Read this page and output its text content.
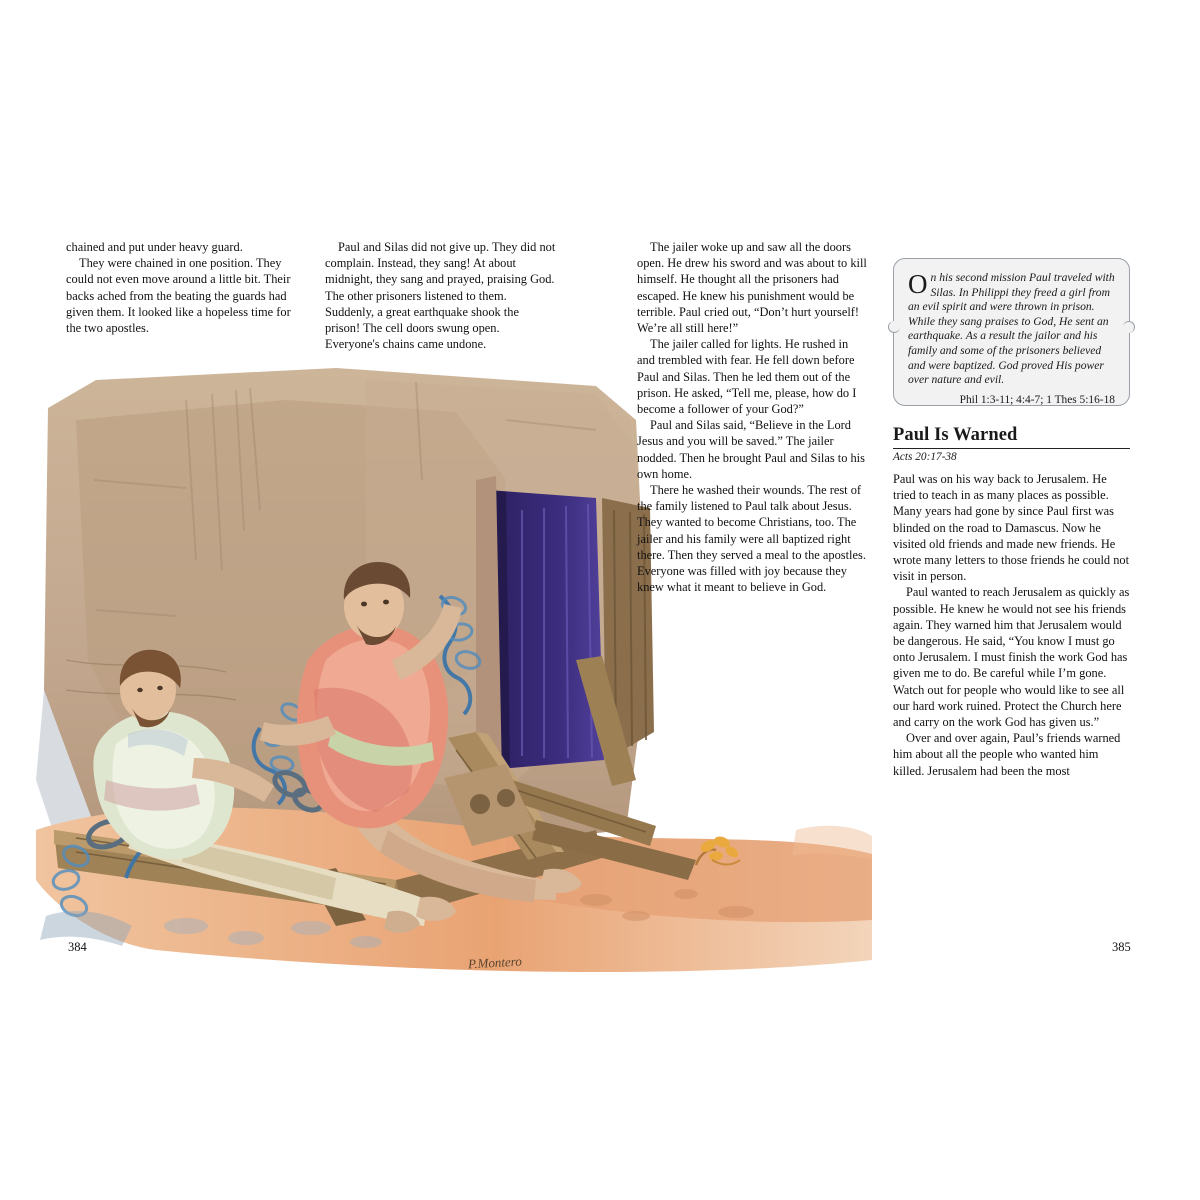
P.Montero

chained and put under heavy guard.

They were chained in one position. They could not even move around a little bit. Their backs ached from the beating the guards had given them. It looked like a hopeless time for the two apostles.

Paul and Silas did not give up. They did not complain. Instead, they sang! At about midnight, they sang and prayed, praising God. The other prisoners listened to them. Suddenly, a great earthquake shook the prison! The cell doors swung open. Everyone's chains came undone.

The jailer woke up and saw all the doors open. He drew his sword and was about to kill himself. He thought all the prisoners had escaped. He knew his punishment would be terrible. Paul cried out, “Don’t hurt yourself! We’re all still here!”

The jailer called for lights. He rushed in and trembled with fear. He fell down before Paul and Silas. Then he led them out of the prison. He asked, “Tell me, please, how do I become a follower of your God?”

Paul and Silas said, “Believe in the Lord Jesus and you will be saved.” The jailer nodded. Then he brought Paul and Silas to his own home.

There he washed their wounds. The rest of the family listened to Paul talk about Jesus. They wanted to become Christians, too. The jailer and his family were all baptized right there. Then they served a meal to the apostles. Everyone was filled with joy because they knew what it meant to believe in God.

O n his second mission Paul traveled with Silas. In Philippi they freed a girl from an evil spirit and were thrown in prison. While they sang praises to God, He sent an earthquake. As a result the jailor and his family and some of the prisoners believed and were baptized. God proved His power over nature and evil.
Phil 1:3-11; 4:4-7; 1 Thes 5:16-18
Paul Is Warned
Acts 20:17-38

Paul was on his way back to Jerusalem. He tried to teach in as many places as possible. Many years had gone by since Paul first was blinded on the road to Damascus. Now he visited old friends and made new friends. He wrote many letters to those friends he could not visit in person.

Paul wanted to reach Jerusalem as quickly as possible. He knew he would not see his friends again. They warned him that Jerusalem would be dangerous. He said, “You know I must go onto Jerusalem. I must finish the work God has given me to do. Be careful while I’m gone. Watch out for people who would like to see all our hard work ruined. Protect the Church here and carry on the work God has given us.”

Over and over again, Paul’s friends warned him about all the people who wanted him killed. Jerusalem had been the most

384	385
